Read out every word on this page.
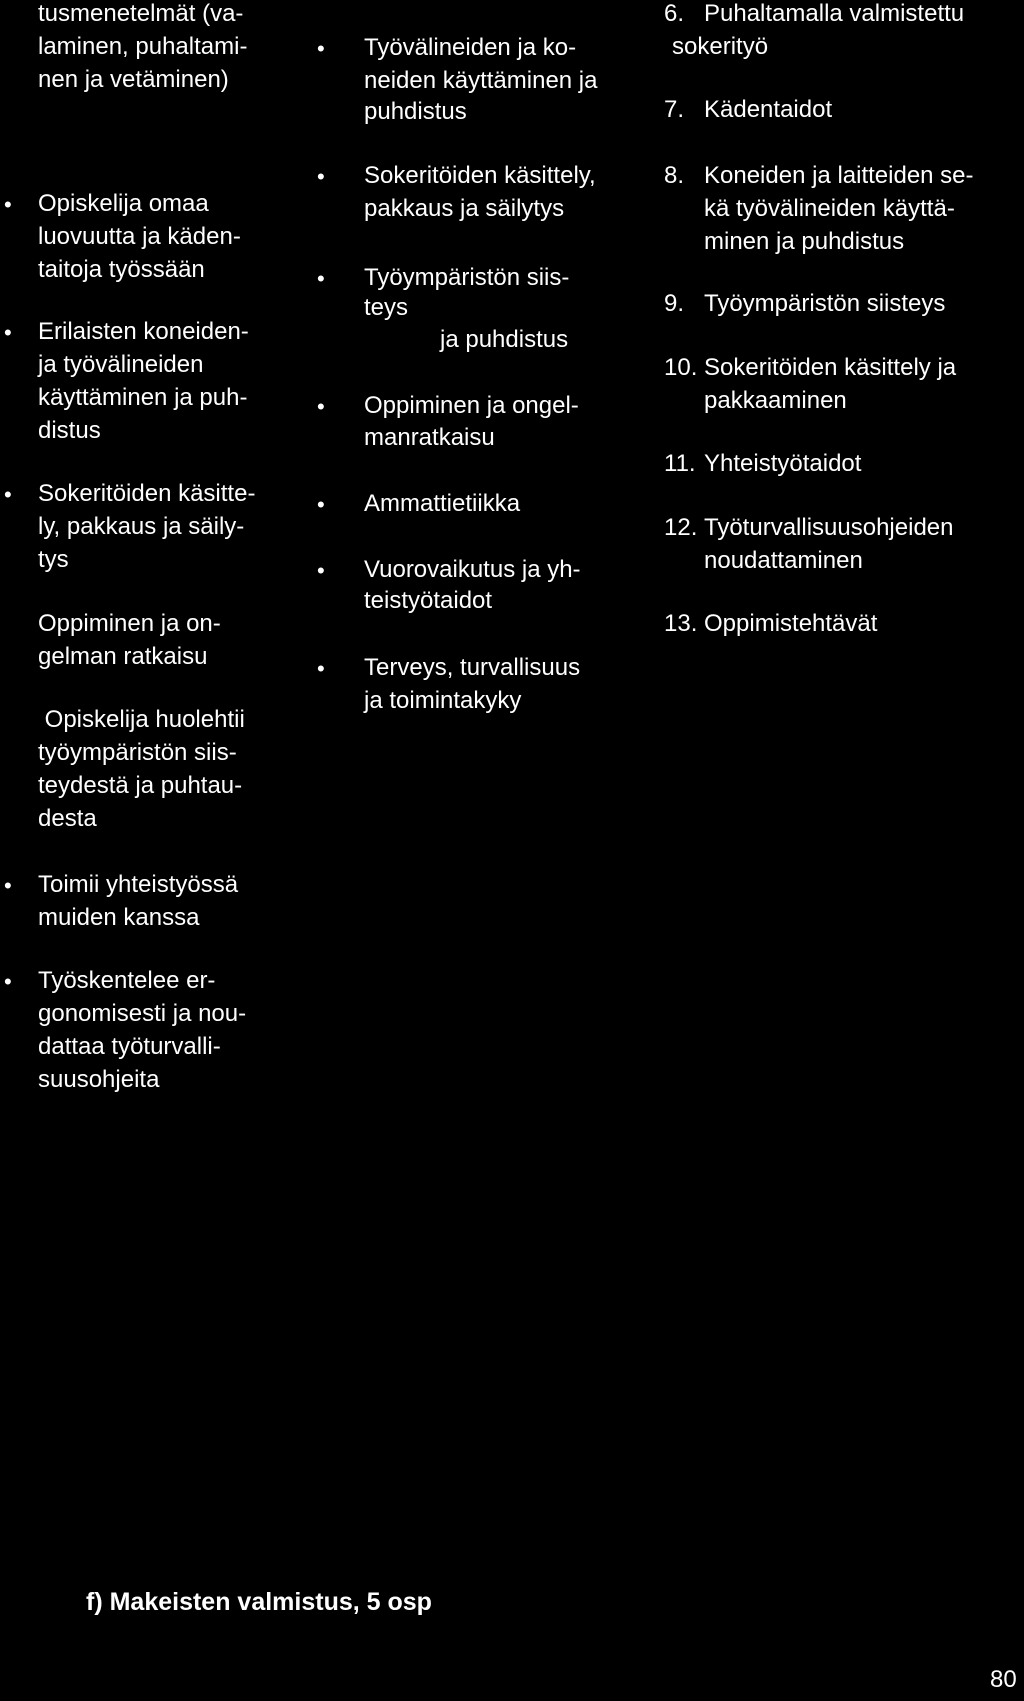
tusmenetelmät (va-
laminen, puhaltami-
nen ja vetäminen)
• Opiskelija omaa
luovuutta ja käden-
taitoja työssään
• Erilaisten koneiden-
ja työvälineiden
käyttäminen ja puh-
distus
• Sokeritöiden käsitte-
ly, pakkaus ja säily-
tys
Oppiminen ja on-
gelman ratkaisu
Opiskelija huolehtii
työympäristön siis-
teydestä ja puhtau-
desta
• Toimii yhteistyössä
muiden kanssa
• Työskentelee er-
gonomisesti ja nou-
dattaa työturvalli-
suusohjeita
• Työvälineiden ja ko-
neiden käyttäminen ja
puhdistus
• Sokeritöiden käsittely,
pakkaus ja säilytys
• Työympäristön siis-
teys
ja puhdistus
• Oppiminen ja ongel-
manratkaisu
• Ammattietiikka
• Vuorovaikutus ja yh-
teistyötaidot
• Terveys, turvallisuus
ja toimintakyky
6. Puhaltamalla valmistettu
sokerityö
7. Kädentaidot
8. Koneiden ja laitteiden se-
kä työvälineiden käyttä-
minen ja puhdistus
9. Työympäristön siisteys
10. Sokeritöiden käsittely ja
pakkaaminen
11. Yhteistyötaidot
12. Työturvallisuusohjeiden
noudattaminen
13. Oppimistehtävät
f) Makeisten valmistus, 5 osp
80
